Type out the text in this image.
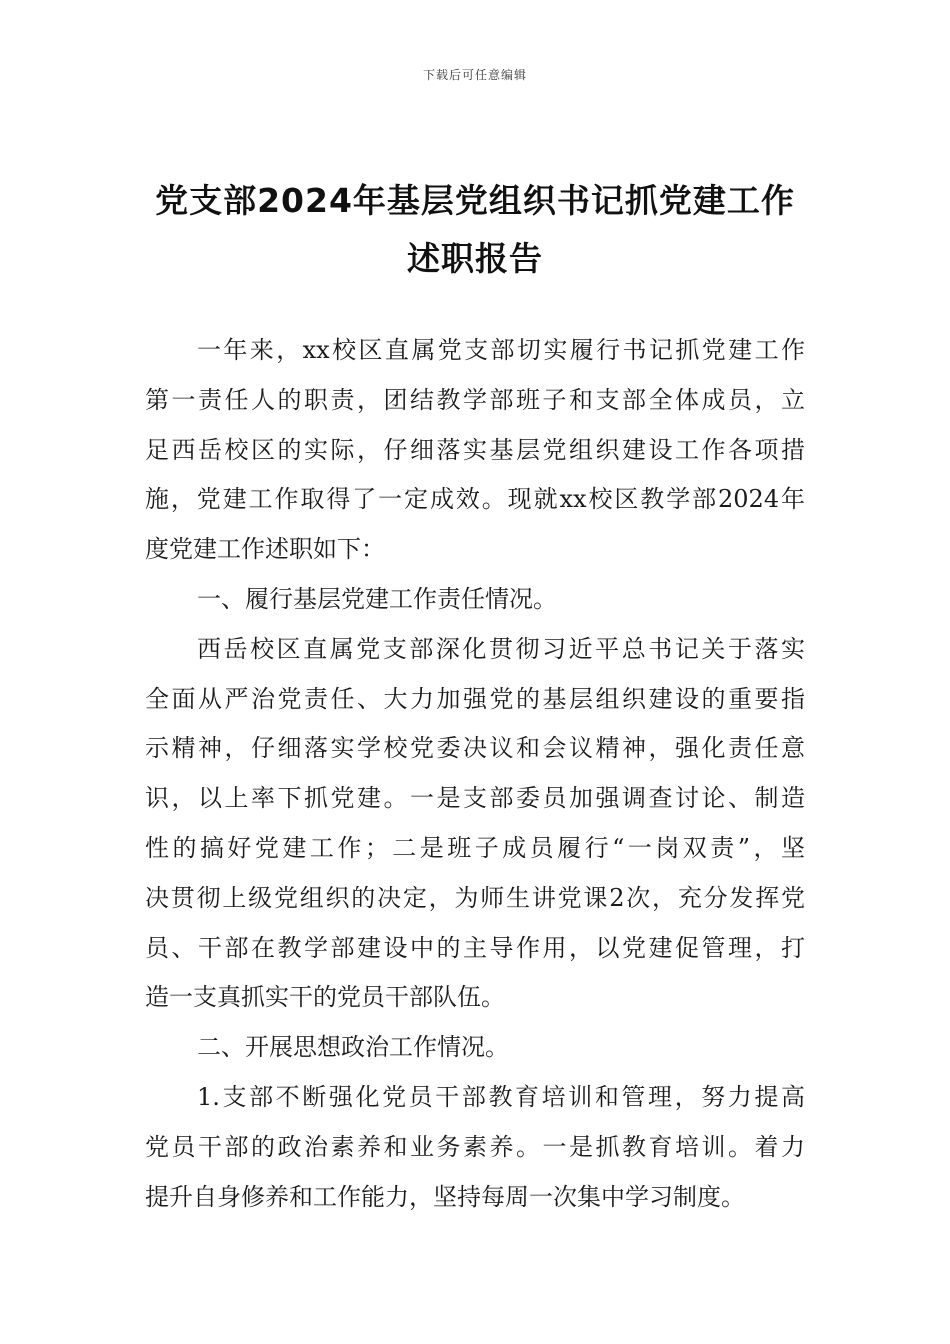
下载后可任意编辑
党支部2024年基层党组织书记抓党建工作
述职报告
一年来，xx校区直属党支部切实履行书记抓党建工作
第一责任人的职责，团结教学部班子和支部全体成员，立
足西岳校区的实际，仔细落实基层党组织建设工作各项措
施，党建工作取得了一定成效。现就xx校区教学部2024年
度党建工作述职如下：
一、履行基层党建工作责任情况。
西岳校区直属党支部深化贯彻习近平总书记关于落实
全面从严治党责任、大力加强党的基层组织建设的重要指
示精神，仔细落实学校党委决议和会议精神，强化责任意
识，以上率下抓党建。一是支部委员加强调查讨论、制造
性的搞好党建工作；二是班子成员履行“一岗双责”，坚
决贯彻上级党组织的决定，为师生讲党课2次，充分发挥党
员、干部在教学部建设中的主导作用，以党建促管理，打
造一支真抓实干的党员干部队伍。
二、开展思想政治工作情况。
1.支部不断强化党员干部教育培训和管理，努力提高
党员干部的政治素养和业务素养。一是抓教育培训。着力
提升自身修养和工作能力，坚持每周一次集中学习制度。
